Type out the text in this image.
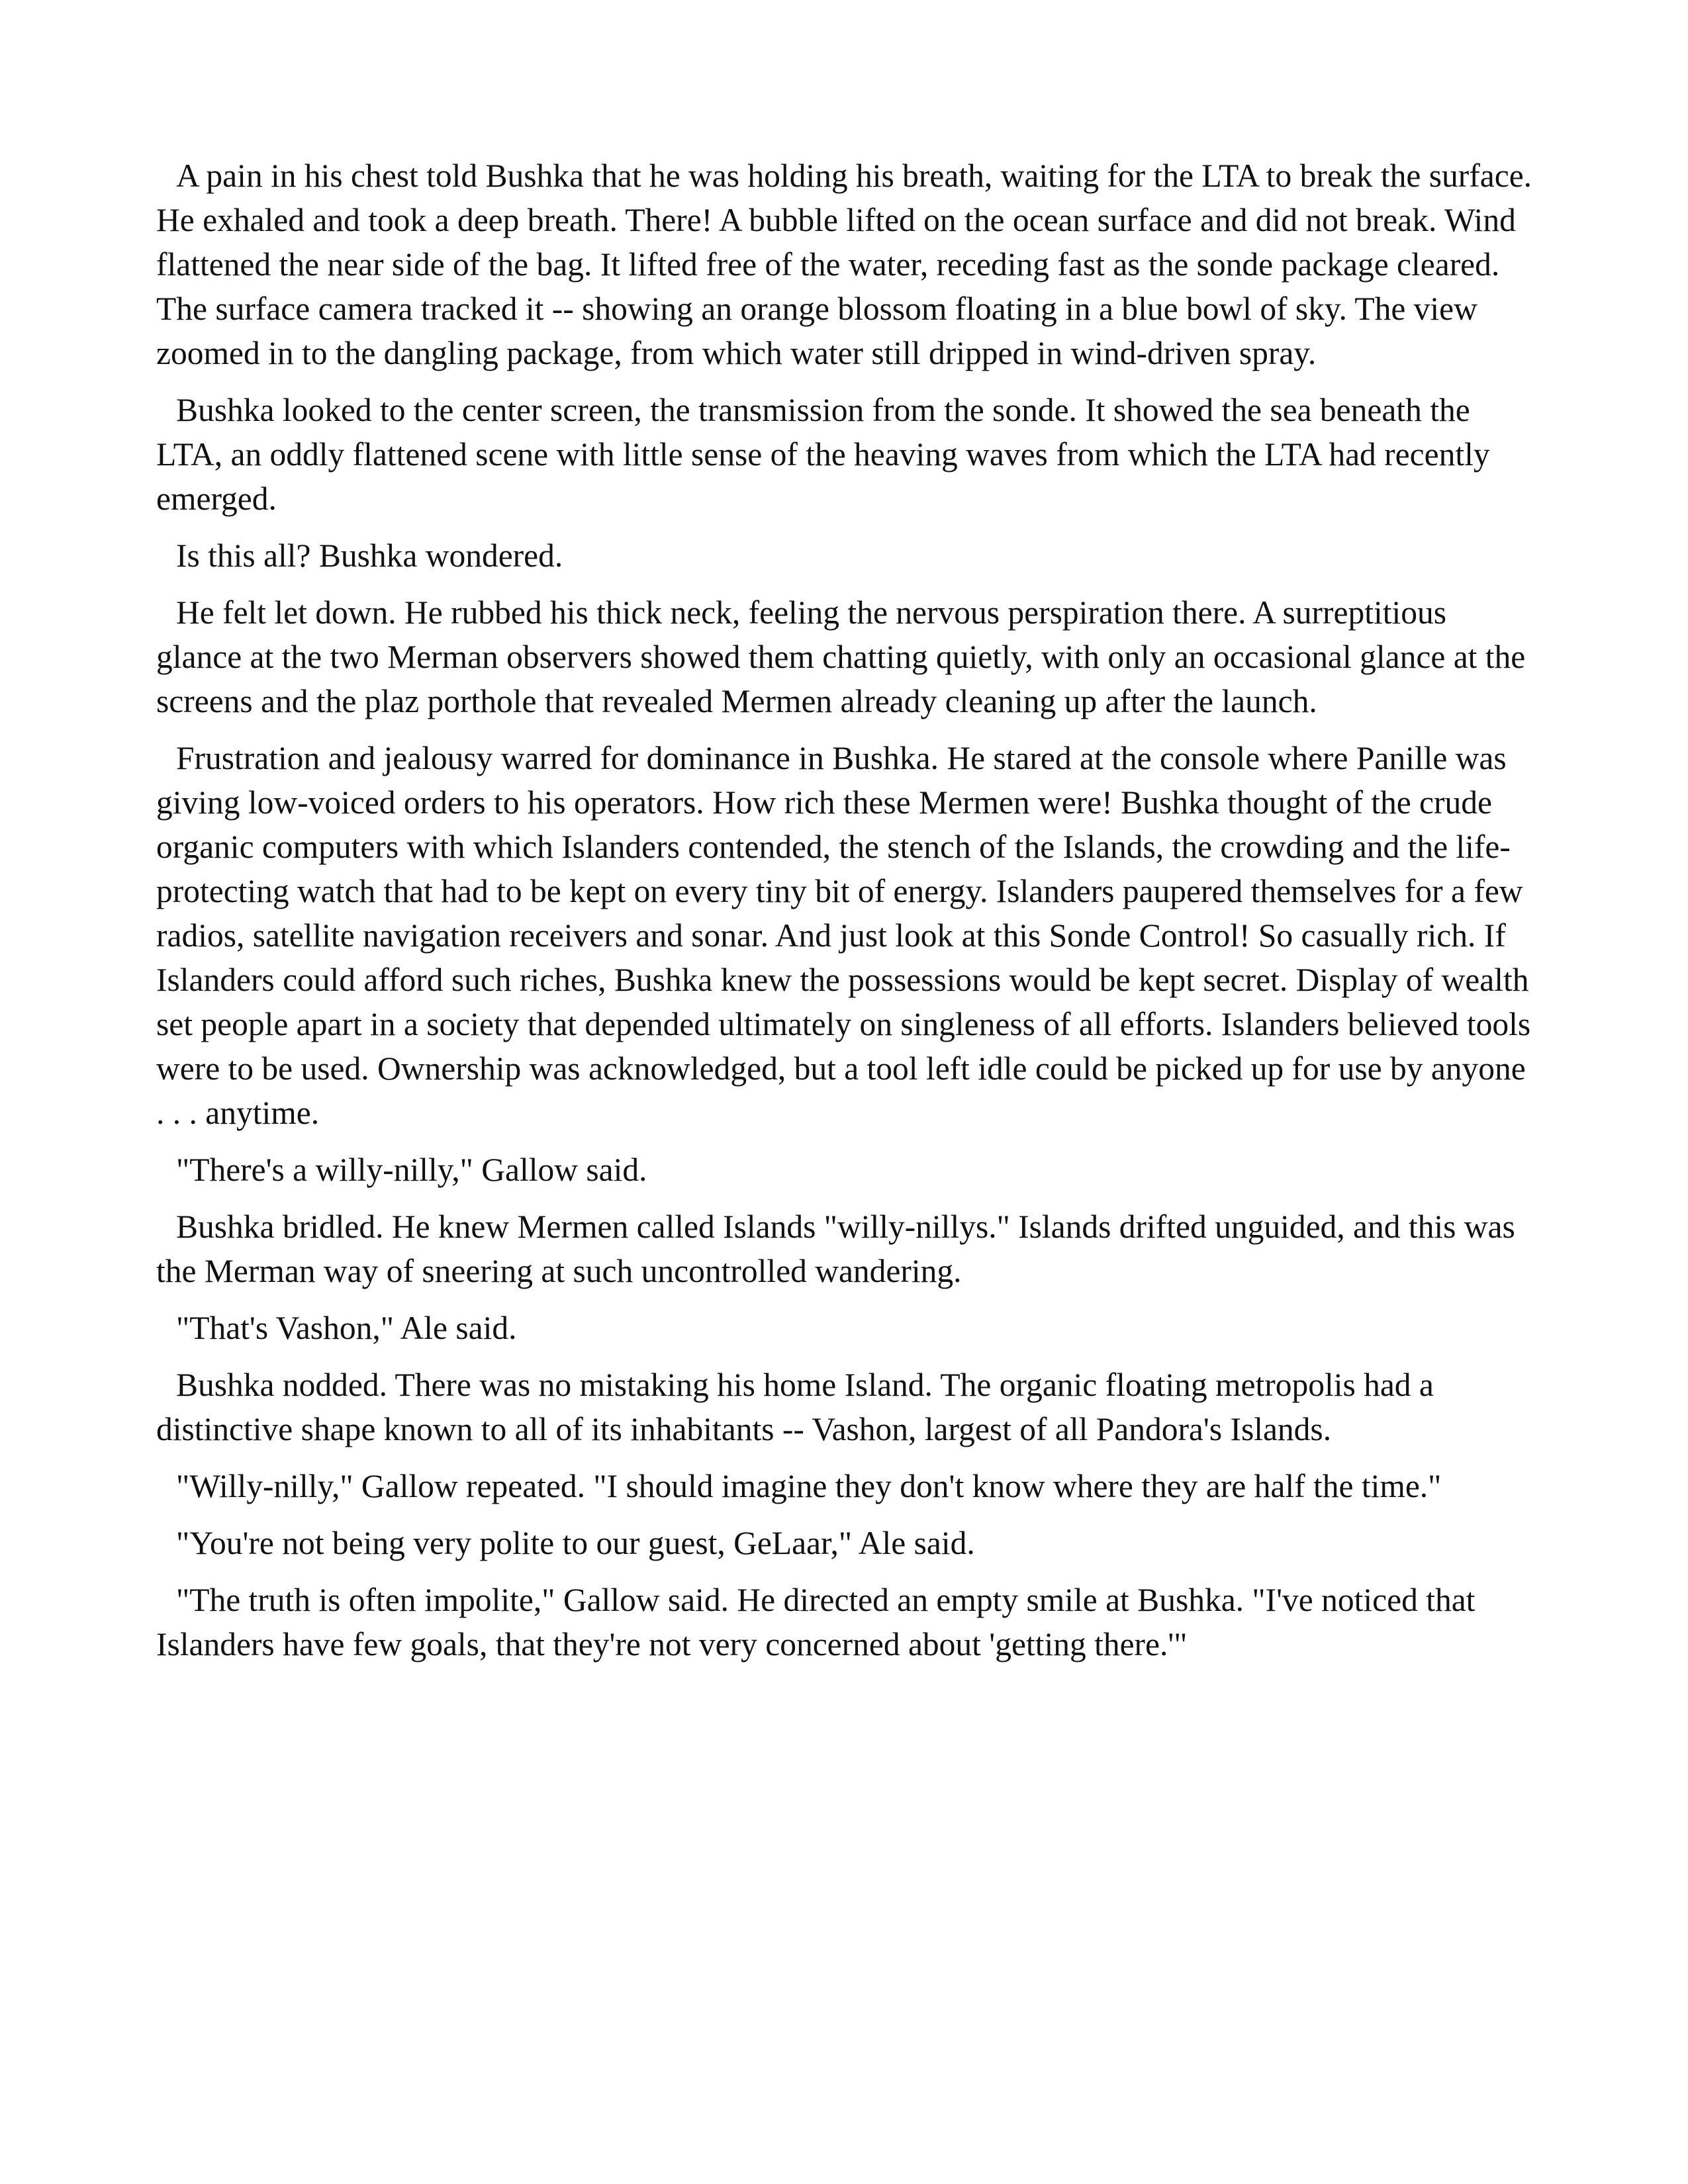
A pain in his chest told Bushka that he was holding his breath, waiting for the LTA to break the surface. He exhaled and took a deep breath. There! A bubble lifted on the ocean surface and did not break. Wind flattened the near side of the bag. It lifted free of the water, receding fast as the sonde package cleared. The surface camera tracked it -- showing an orange blossom floating in a blue bowl of sky. The view zoomed in to the dangling package, from which water still dripped in wind-driven spray.

Bushka looked to the center screen, the transmission from the sonde. It showed the sea beneath the LTA, an oddly flattened scene with little sense of the heaving waves from which the LTA had recently emerged.

Is this all? Bushka wondered.

He felt let down. He rubbed his thick neck, feeling the nervous perspiration there. A surreptitious glance at the two Merman observers showed them chatting quietly, with only an occasional glance at the screens and the plaz porthole that revealed Mermen already cleaning up after the launch.

Frustration and jealousy warred for dominance in Bushka. He stared at the console where Panille was giving low-voiced orders to his operators. How rich these Mermen were! Bushka thought of the crude organic computers with which Islanders contended, the stench of the Islands, the crowding and the life-protecting watch that had to be kept on every tiny bit of energy. Islanders paupered themselves for a few radios, satellite navigation receivers and sonar. And just look at this Sonde Control! So casually rich. If Islanders could afford such riches, Bushka knew the possessions would be kept secret. Display of wealth set people apart in a society that depended ultimately on singleness of all efforts. Islanders believed tools were to be used. Ownership was acknowledged, but a tool left idle could be picked up for use by anyone . . . anytime.

"There's a willy-nilly," Gallow said.

Bushka bridled. He knew Mermen called Islands "willy-nillys." Islands drifted unguided, and this was the Merman way of sneering at such uncontrolled wandering.

"That's Vashon," Ale said.

Bushka nodded. There was no mistaking his home Island. The organic floating metropolis had a distinctive shape known to all of its inhabitants -- Vashon, largest of all Pandora's Islands.

"Willy-nilly," Gallow repeated. "I should imagine they don't know where they are half the time."

"You're not being very polite to our guest, GeLaar," Ale said.

"The truth is often impolite," Gallow said. He directed an empty smile at Bushka. "I've noticed that Islanders have few goals, that they're not very concerned about 'getting there.'"
